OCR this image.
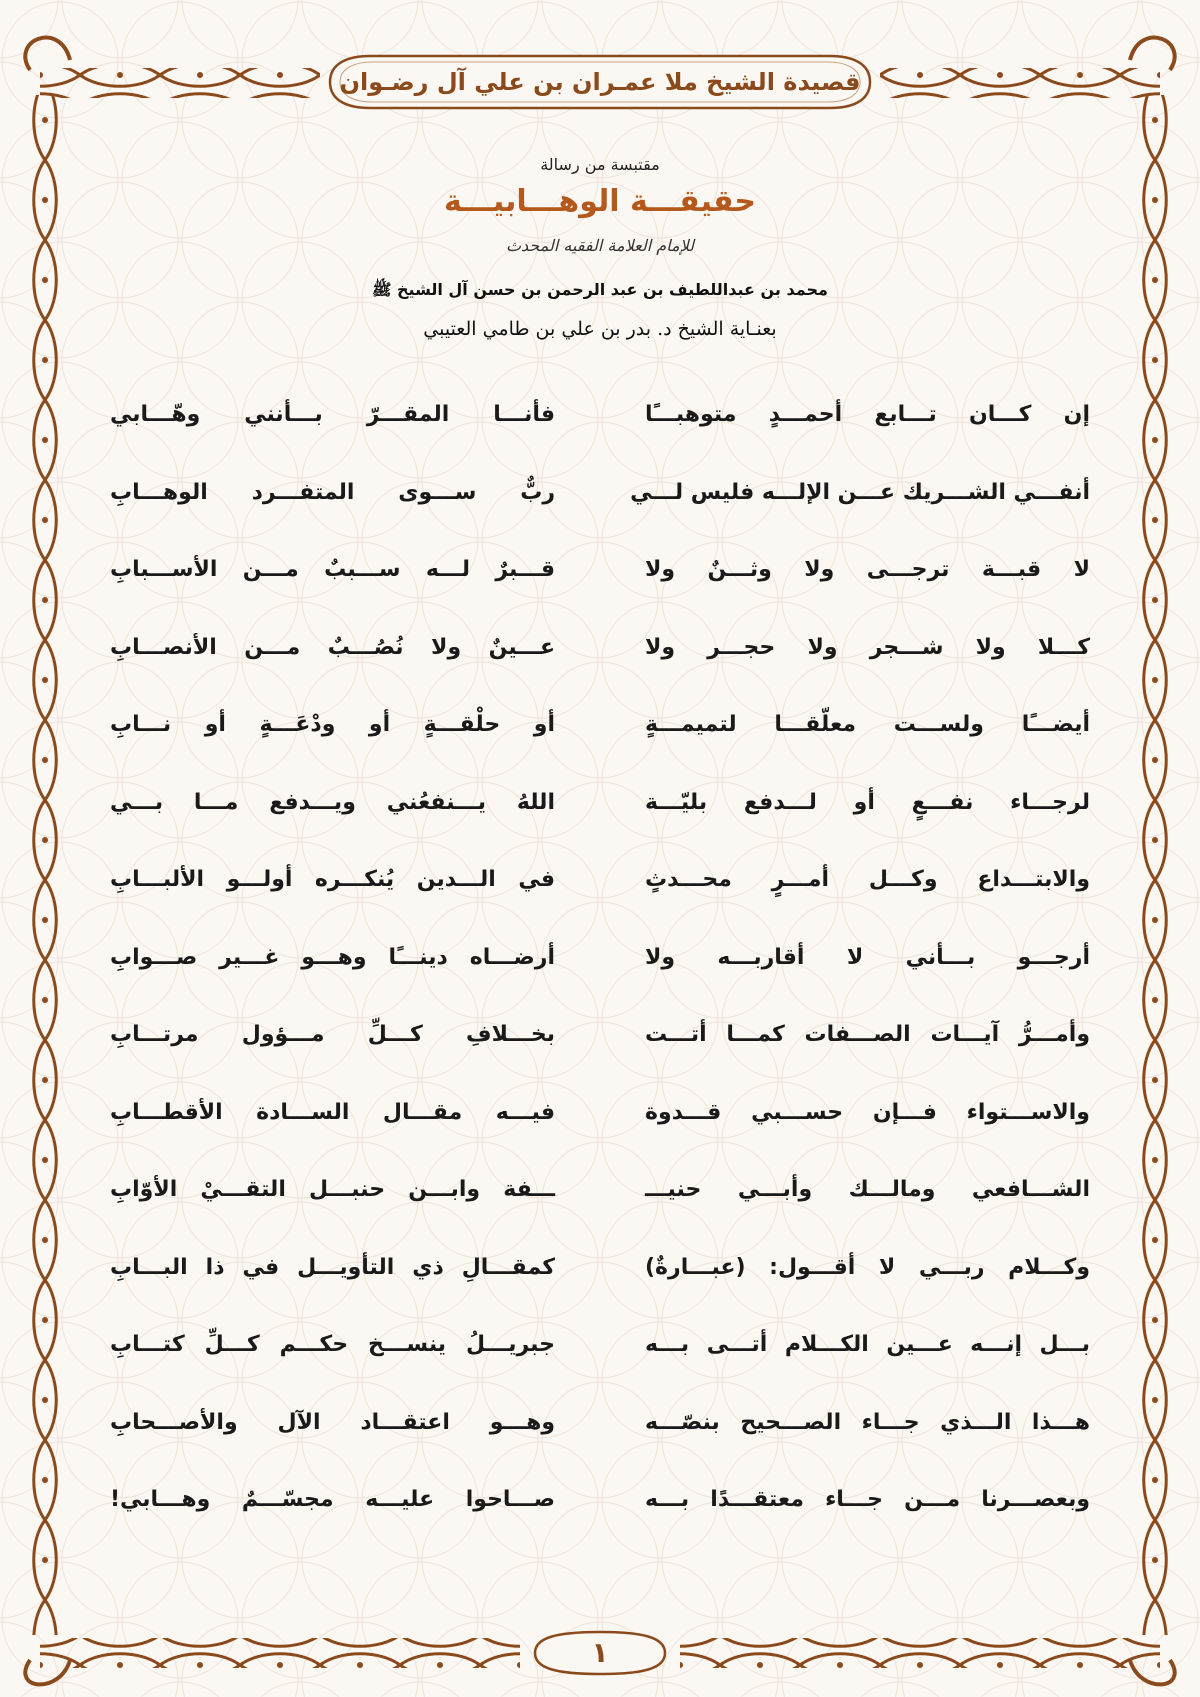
قصيدة الشيخ ملا عمـران بن علي آل رضـوان
مقتبسة من رسالة
حقيقـــة الوهـــابيـــة
للإمام العلامة الفقيه المحدث
محمد بن عبداللطيف بن عبد الرحمن بن حسن آل الشيخ ﷺ
بعنـاية الشيخ د. بدر بن علي بن طامي العتيبي
إن كـــان تـــابع أحمـــدٍ متوهبـــًا
فأنـــا المقـــرّ بـــأنني وهّـــابي
أنفـــي الشـــريك عـــن الإلـــه فليس لـــي
ربٌّ ســـوى المتفـــرد الوهـــابِ
لا قبـــة ترجـــى ولا وثـــنٌ ولا
قـــبرٌ لـــه ســـببٌ مـــن الأســـبابِ
كـــلا ولا شـــجر ولا حجـــر ولا
عـــينٌ ولا نُصُـــبٌ مـــن الأنصـــابِ
أيضـــًا ولســـت معلّقـــا لتميمـــةٍ
أو حلْقـــةٍ أو ودْعَـــةٍ أو نـــابِ
لرجـــاء نفـــعٍ أو لـــدفع بليّـــة
اللهُ يـــنفعُني ويـــدفع مـــا بـــي
والابتـــداع وكـــل أمـــرٍ محـــدثٍ
في الـــدين يُنكـــره أولـــو الألبـــابِ
أرجـــو بـــأني لا أقاربـــه ولا
أرضـــاه دينـــًا وهـــو غـــير صـــوابِ
وأمـــرُّ آيـــات الصـــفات كمـــا أتـــت
بخـــلافِ كـــلِّ مـــؤول مرتـــابِ
والاســـتواء فـــإن حســـبي قـــدوة
فيـــه مقـــال الســـادة الأقطـــابِ
الشـــافعي ومالـــك وأبـــي حنيـــ
ـــفة وابـــن حنبـــل التقـــيْ الأوّابِ
وكـــلام ربـــي لا أقـــول: (عبـــارةٌ)
كمقـــالِ ذي التأويـــل في ذا البـــابِ
بـــل إنـــه عـــين الكـــلام أتـــى بـــه
جبريـــلُ ينســـخ حكـــم كـــلِّ كتـــابِ
هـــذا الـــذي جـــاء الصـــحيح بنصّـــه
وهـــو اعتقـــاد الآل والأصـــحابِ
وبعصـــرنا مـــن جـــاء معتقـــدًا بـــه
صـــاحوا عليـــه مجسّـــمٌ وهـــابي!
١
